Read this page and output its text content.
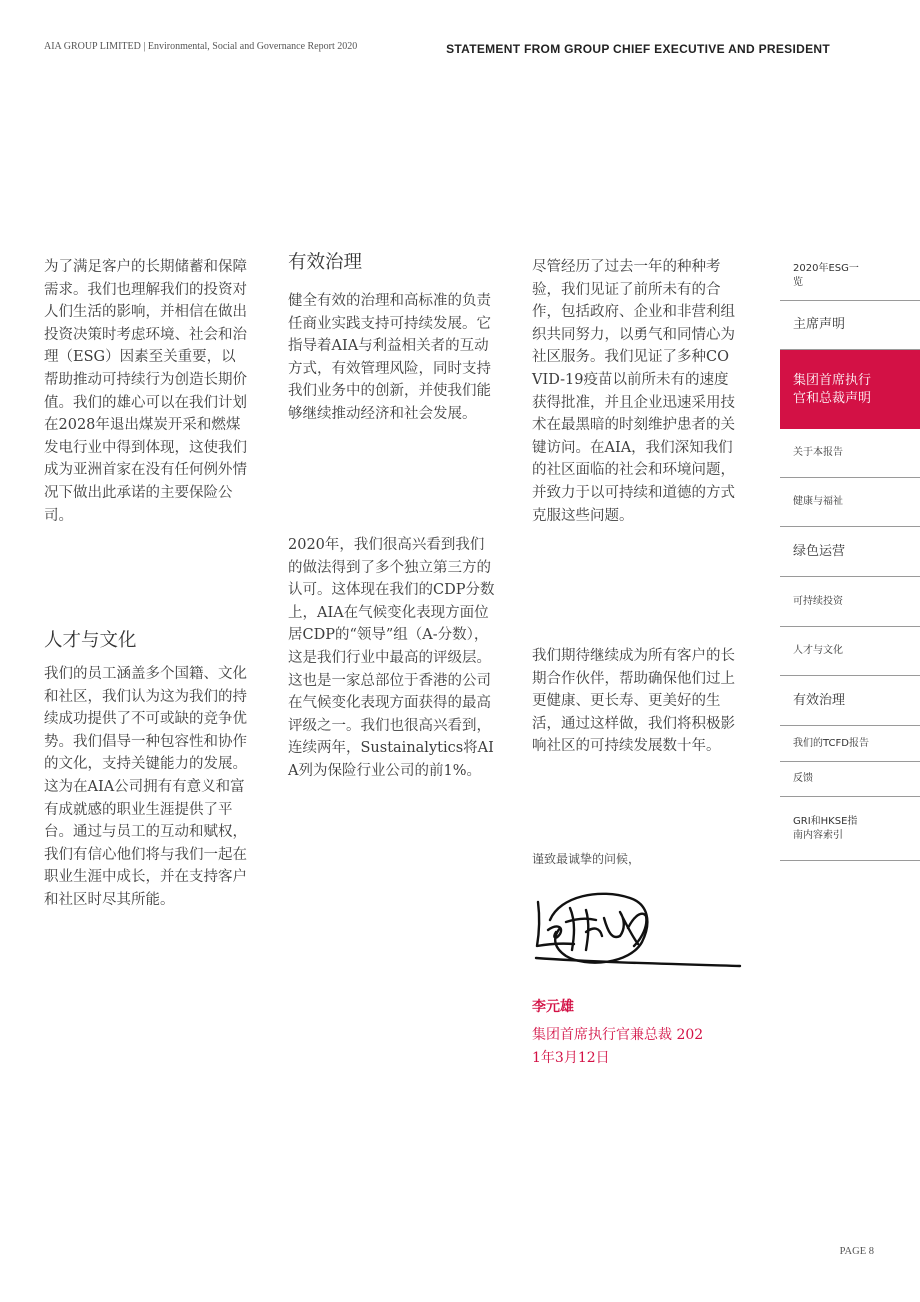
AIA GROUP LIMITED | Environmental, Social and Governance Report 2020	STATEMENT FROM GROUP CHIEF EXECUTIVE AND PRESIDENT

为了满足客户的长期储蓄和保障需求。我们也理解我们的投资对人们生活的影响，并相信在做出投资决策时考虑环境、社会和治理（ESG）因素至关重要，以帮助推动可持续行为创造长期价值。我们的雄心可以在我们计划在2028年退出煤炭开采和燃煤发电行业中得到体现，这使我们成为亚洲首家在没有任何例外情况下做出此承诺的主要保险公司。

人才与文化

我们的员工涵盖多个国籍、文化和社区，我们认为这为我们的持续成功提供了不可或缺的竞争优势。我们倡导一种包容性和协作的文化，支持关键能力的发展。这为在AIA公司拥有有意义和富有成就感的职业生涯提供了平台。通过与员工的互动和赋权，我们有信心他们将与我们一起在职业生涯中成长，并在支持客户和社区时尽其所能。

有效治理

健全有效的治理和高标准的负责任商业实践支持可持续发展。它指导着AIA与利益相关者的互动方式，有效管理风险，同时支持我们业务中的创新，并使我们能够继续推动经济和社会发展。

2020年，我们很高兴看到我们的做法得到了多个独立第三方的认可。这体现在我们的CDP分数上，AIA在气候变化表现方面位居CDP的“领导”组（A-分数），这是我们行业中最高的评级层。这也是一家总部位于香港的公司在气候变化表现方面获得的最高评级之一。我们也很高兴看到，连续两年，Sustainalytics将AIA列为保险行业公司的前1%。

尽管经历了过去一年的种种考验，我们见证了前所未有的合作，包括政府、企业和非营利组织共同努力，以勇气和同情心为社区服务。我们见证了多种COVID-19疫苗以前所未有的速度获得批准，并且企业迅速采用技术在最黑暗的时刻维护患者的关键访问。在AIA，我们深知我们的社区面临的社会和环境问题，并致力于以可持续和道德的方式克服这些问题。

我们期待继续成为所有客户的长期合作伙伴，帮助确保他们过上更健康、更长寿、更美好的生活，通过这样做，我们将积极影响社区的可持续发展数十年。

谨致最诚挚的问候，

李元雄

集团首席执行官兼总裁 2021年3月12日

2020年ESG一览
主席声明
集团首席执行官和总裁声明
关于本报告
健康与福祉
绿色运营
可持续投资
人才与文化
有效治理
我们的TCFD报告
反馈
GRI和HKSE指南内容索引
PAGE 8
